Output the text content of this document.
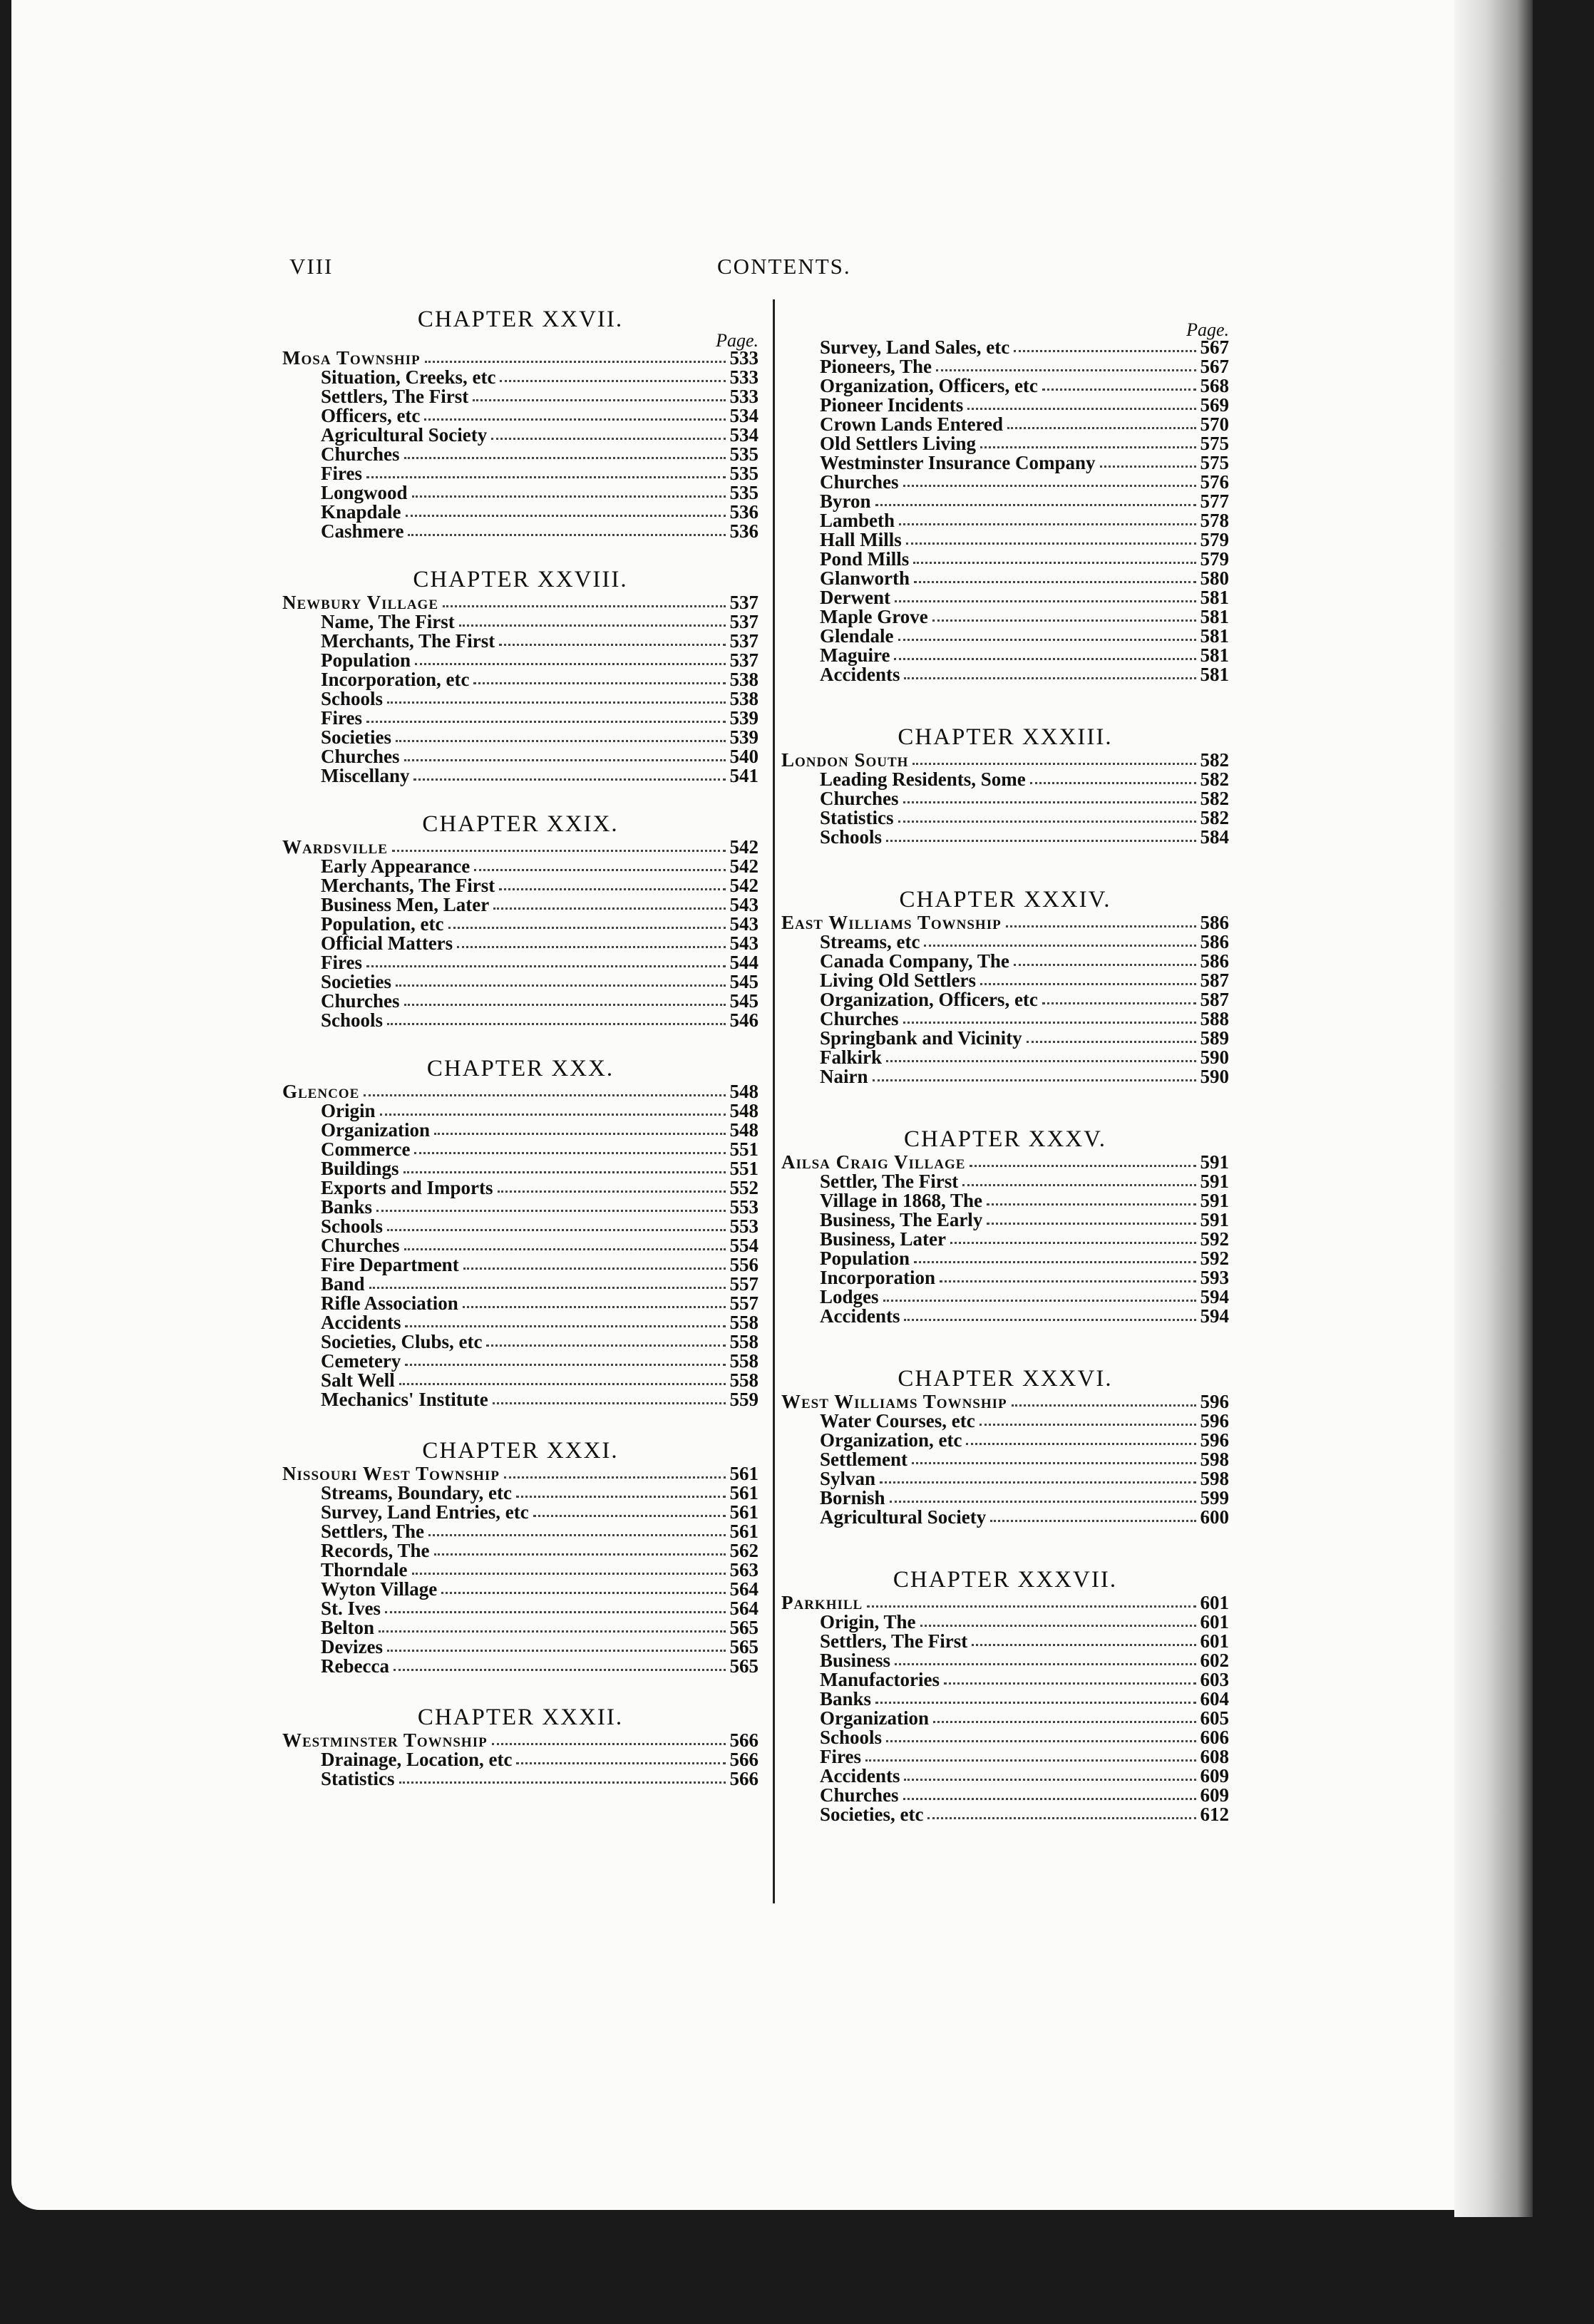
VIII	CONTENTS.
CHAPTER XXVII.
Page.
Mosa Township	533
Situation, Creeks, etc	533
Settlers, The First	533
Officers, etc	534
Agricultural Society	534
Churches	535
Fires	535
Longwood	535
Knapdale	536
Cashmere	536
CHAPTER XXVIII.
Newbury Village	537
Name, The First	537
Merchants, The First	537
Population	537
Incorporation, etc	538
Schools	538
Fires	539
Societies	539
Churches	540
Miscellany	541
CHAPTER XXIX.
Wardsville	542
Early Appearance	542
Merchants, The First	542
Business Men, Later	543
Population, etc	543
Official Matters	543
Fires	544
Societies	545
Churches	545
Schools	546
CHAPTER XXX.
Glencoe	548
Origin	548
Organization	548
Commerce	551
Buildings	551
Exports and Imports	552
Banks	553
Schools	553
Churches	554
Fire Department	556
Band	557
Rifle Association	557
Accidents	558
Societies, Clubs, etc	558
Cemetery	558
Salt Well	558
Mechanics' Institute	559
CHAPTER XXXI.
Nissouri West Township	561
Streams, Boundary, etc	561
Survey, Land Entries, etc	561
Settlers, The	561
Records, The	562
Thorndale	563
Wyton Village	564
St. Ives	564
Belton	565
Devizes	565
Rebecca	565
CHAPTER XXXII.
Westminster Township	566
Drainage, Location, etc	566
Statistics	566
Page.
Survey, Land Sales, etc	567
Pioneers, The	567
Organization, Officers, etc	568
Pioneer Incidents	569
Crown Lands Entered	570
Old Settlers Living	575
Westminster Insurance Company	575
Churches	576
Byron	577
Lambeth	578
Hall Mills	579
Pond Mills	579
Glanworth	580
Derwent	581
Maple Grove	581
Glendale	581
Maguire	581
Accidents	581
CHAPTER XXXIII.
London South	582
Leading Residents, Some	582
Churches	582
Statistics	582
Schools	584
CHAPTER XXXIV.
East Williams Township	586
Streams, etc	586
Canada Company, The	586
Living Old Settlers	587
Organization, Officers, etc	587
Churches	588
Springbank and Vicinity	589
Falkirk	590
Nairn	590
CHAPTER XXXV.
Ailsa Craig Village	591
Settler, The First	591
Village in 1868, The	591
Business, The Early	591
Business, Later	592
Population	592
Incorporation	593
Lodges	594
Accidents	594
CHAPTER XXXVI.
West Williams Township	596
Water Courses, etc	596
Organization, etc	596
Settlement	598
Sylvan	598
Bornish	599
Agricultural Society	600
CHAPTER XXXVII.
Parkhill	601
Origin, The	601
Settlers, The First	601
Business	602
Manufactories	603
Banks	604
Organization	605
Schools	606
Fires	608
Accidents	609
Churches	609
Societies, etc	612
